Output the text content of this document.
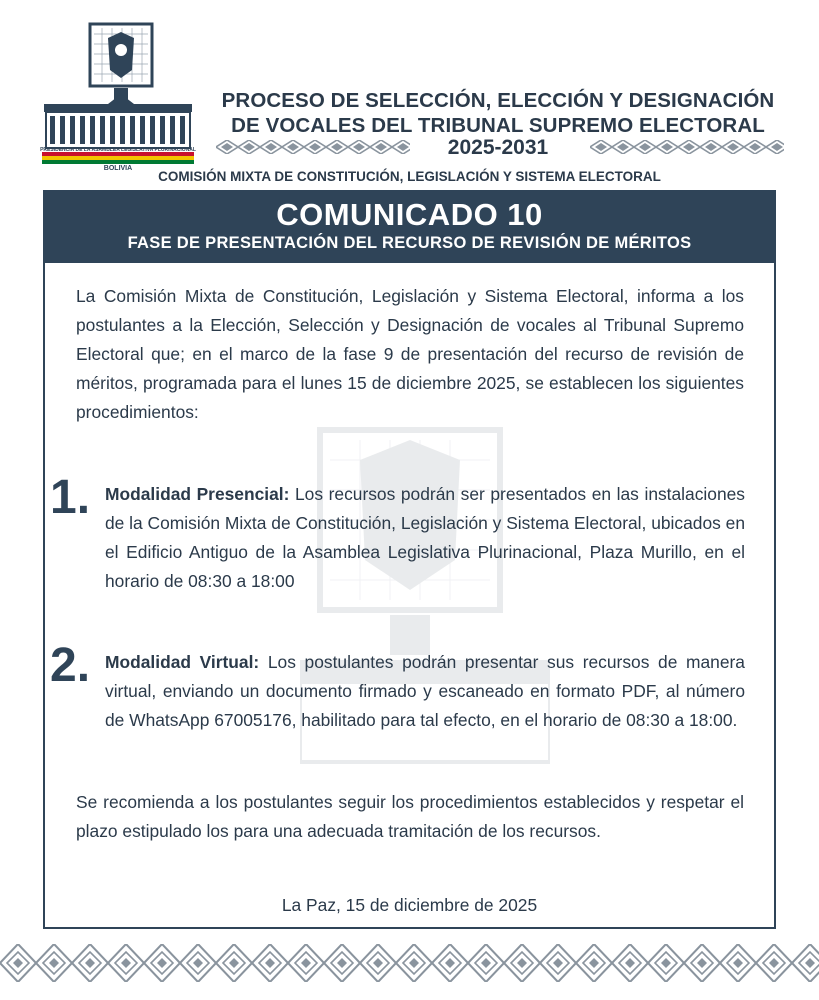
PRESIDENCIA DE LA ASAMBLEA LEGISLATIVA PLURINACIONAL
BOLIVIA
PROCESO DE SELECCIÓN, ELECCIÓN Y DESIGNACIÓN
DE VOCALES DEL TRIBUNAL SUPREMO ELECTORAL
2025-2031
COMISIÓN MIXTA DE CONSTITUCIÓN, LEGISLACIÓN Y SISTEMA ELECTORAL
COMUNICADO 10
FASE DE PRESENTACIÓN DEL RECURSO DE REVISIÓN DE MÉRITOS
La Comisión Mixta de Constitución, Legislación y Sistema Electoral, informa a los postulantes a la Elección, Selección y Designación de vocales al Tribunal Supremo Electoral que; en el marco de la fase 9 de presentación del recurso de revisión de méritos, programada para el lunes 15 de diciembre 2025, se establecen los siguientes procedimientos:
1. Modalidad Presencial: Los recursos podrán ser presentados en las instalaciones de la Comisión Mixta de Constitución, Legislación y Sistema Electoral, ubicados en el Edificio Antiguo de la Asamblea Legislativa Plurinacional, Plaza Murillo, en el horario de 08:30 a 18:00
2. Modalidad Virtual: Los postulantes podrán presentar sus recursos de manera virtual, enviando un documento firmado y escaneado en formato PDF, al número de WhatsApp 67005176, habilitado para tal efecto, en el horario de 08:30 a 18:00.
Se recomienda a los postulantes seguir los procedimientos establecidos y respetar el plazo estipulado los para una adecuada tramitación de los recursos.
La Paz, 15 de diciembre de 2025
